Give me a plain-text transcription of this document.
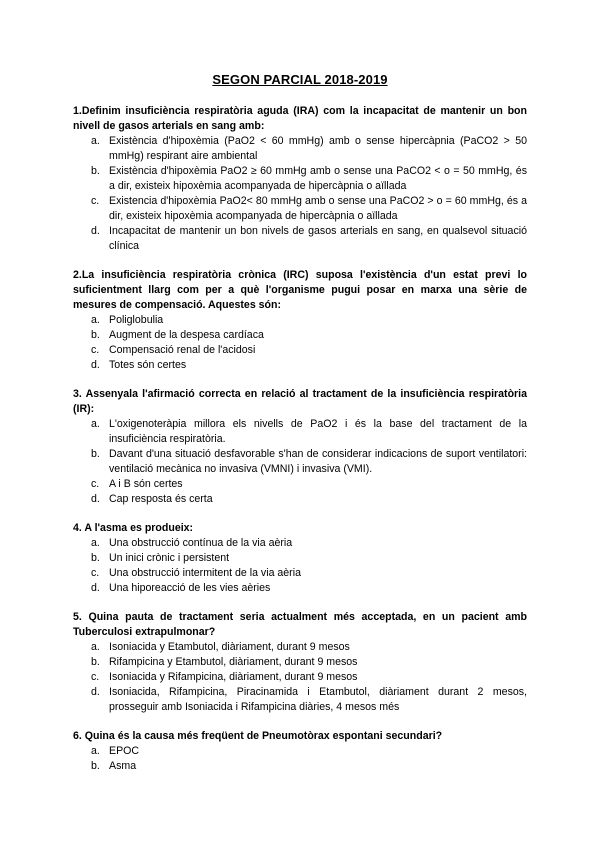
SEGON PARCIAL 2018-2019

1.Definim insuficiència respiratòria aguda (IRA) com la incapacitat de mantenir un bon nivell de gasos arterials en sang amb:

a. Existència d'hipoxèmia (PaO2 < 60 mmHg) amb o sense hipercàpnia (PaCO2 > 50 mmHg) respirant aire ambiental
b. Existència d'hipoxèmia PaO2 ≥ 60 mmHg amb o sense una PaCO2 < o = 50 mmHg, és a dir, existeix hipoxèmia acompanyada de hipercàpnia o aïllada
c. Existencia d'hipoxèmia PaO2< 80 mmHg amb o sense una PaCO2 > o = 60 mmHg, és a dir, existeix hipoxèmia acompanyada de hipercàpnia o aïllada
d. Incapacitat de mantenir un bon nivels de gasos arterials en sang, en qualsevol situació clínica

2.La insuficiència respiratòria crònica (IRC) suposa l'existència d'un estat previ lo suficientment llarg com per a què l'organisme pugui posar en marxa una sèrie de mesures de compensació. Aquestes són:

a. Poliglobulia
b. Augment de la despesa cardíaca
c. Compensació renal de l'acidosi
d. Totes són certes

3. Assenyala l'afirmació correcta en relació al tractament de la insuficiència respiratòria (IR):

a. L'oxigenoteràpia millora els nivells de PaO2 i és la base del tractament de la insuficiència respiratòria.
b. Davant d'una situació desfavorable s'han de considerar indicacions de suport ventilatori: ventilació mecànica no invasiva (VMNI) i invasiva (VMI).
c. A i B són certes
d. Cap resposta és certa

4. A l'asma es produeix:

a. Una obstrucció contínua de la via aèria
b. Un inici crònic i persistent
c. Una obstrucció intermitent de la via aèria
d. Una hiporeacció de les vies aèries

5. Quina pauta de tractament seria actualment més acceptada, en un pacient amb Tuberculosi extrapulmonar?

a. Isoniacida y Etambutol, diàriament, durant 9 mesos
b. Rifampicina y Etambutol, diàriament, durant 9 mesos
c. Isoniacida y Rifampicina, diàriament, durant 9 mesos
d. Isoniacida, Rifampicina, Piracinamida i Etambutol, diàriament durant 2 mesos, prosseguir amb Isoniacida i Rifampicina diàries, 4 mesos més

6. Quina és la causa més freqüent de Pneumotòrax espontani secundari?

a. EPOC
b. Asma
